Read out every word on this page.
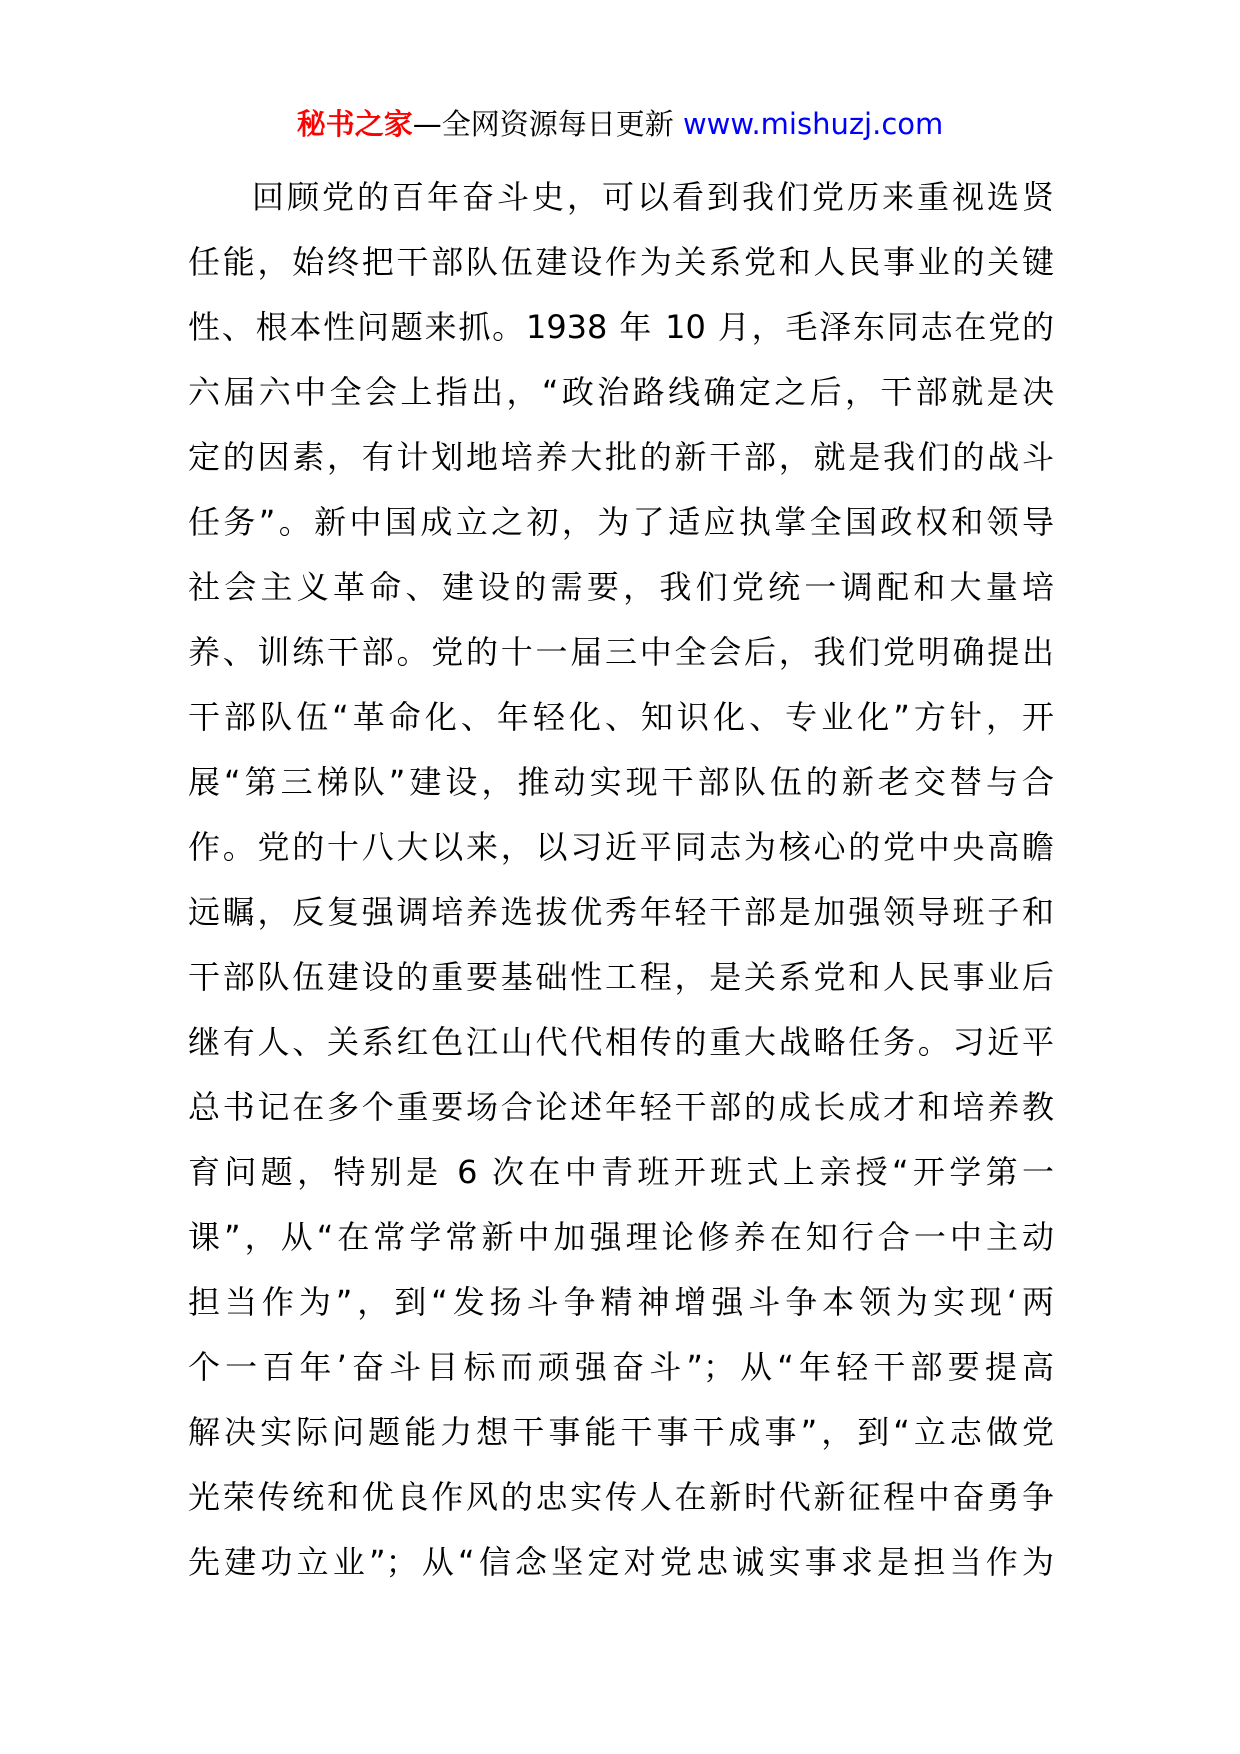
秘书之家—全网资源每日更新 www.mishuzj.com
回顾党的百年奋斗史，可以看到我们党历来重视选贤
任能，始终把干部队伍建设作为关系党和人民事业的关键
性、根本性问题来抓。1938 年 10 月，毛泽东同志在党的
六届六中全会上指出，“政治路线确定之后，干部就是决
定的因素，有计划地培养大批的新干部，就是我们的战斗
任务”。新中国成立之初，为了适应执掌全国政权和领导
社会主义革命、建设的需要，我们党统一调配和大量培
养、训练干部。党的十一届三中全会后，我们党明确提出
干部队伍“革命化、年轻化、知识化、专业化”方针，开
展“第三梯队”建设，推动实现干部队伍的新老交替与合
作。党的十八大以来，以习近平同志为核心的党中央高瞻
远瞩，反复强调培养选拔优秀年轻干部是加强领导班子和
干部队伍建设的重要基础性工程，是关系党和人民事业后
继有人、关系红色江山代代相传的重大战略任务。习近平
总书记在多个重要场合论述年轻干部的成长成才和培养教
育问题，特别是 6 次在中青班开班式上亲授“开学第一
课”，从“在常学常新中加强理论修养在知行合一中主动
担当作为”，到“发扬斗争精神增强斗争本领为实现‘两
个一百年’奋斗目标而顽强奋斗”；从“年轻干部要提高
解决实际问题能力想干事能干事干成事”，到“立志做党
光荣传统和优良作风的忠实传人在新时代新征程中奋勇争
先建功立业”；从“信念坚定对党忠诚实事求是担当作为
